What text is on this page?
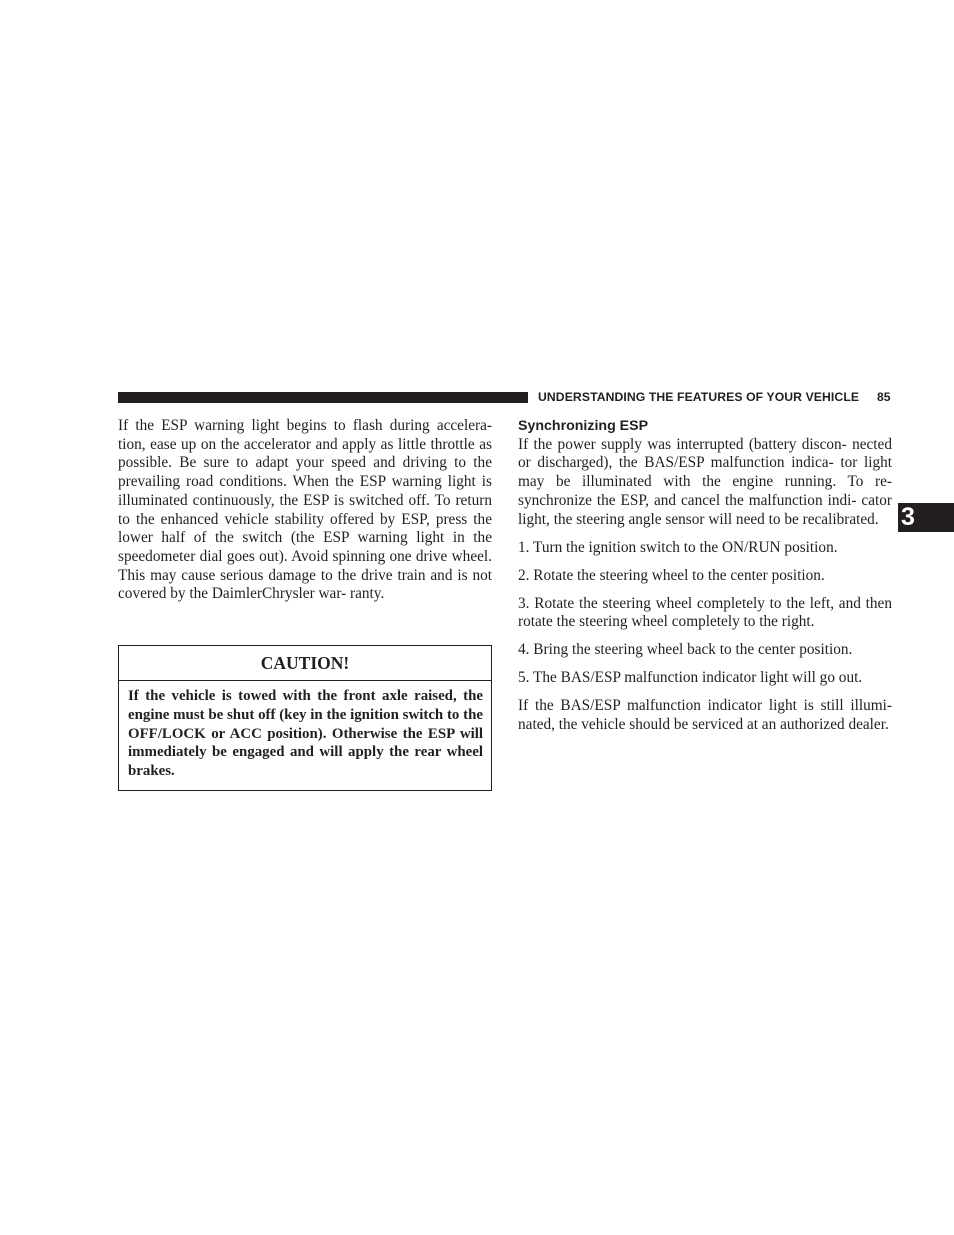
UNDERSTANDING THE FEATURES OF YOUR VEHICLE 85
3

If the ESP warning light begins to flash during accelera- tion, ease up on the accelerator and apply as little throttle as possible. Be sure to adapt your speed and driving to the prevailing road conditions. When the ESP warning light is illuminated continuously, the ESP is switched off. To return to the enhanced vehicle stability offered by ESP, press the lower half of the switch (the ESP warning light in the speedometer dial goes out). Avoid spinning one drive wheel. This may cause serious damage to the drive train and is not covered by the DaimlerChrysler war- ranty.

CAUTION!

If the vehicle is towed with the front axle raised, the engine must be shut off (key in the ignition switch to the OFF/LOCK or ACC position). Otherwise the ESP will immediately be engaged and will apply the rear wheel brakes.

Synchronizing ESP

If the power supply was interrupted (battery discon- nected or discharged), the BAS/ESP malfunction indica- tor light may be illuminated with the engine running. To re-synchronize the ESP, and cancel the malfunction indi- cator light, the steering angle sensor will need to be recalibrated.

1. Turn the ignition switch to the ON/RUN position.

2. Rotate the steering wheel to the center position.

3. Rotate the steering wheel completely to the left, and then rotate the steering wheel completely to the right.

4. Bring the steering wheel back to the center position.

5. The BAS/ESP malfunction indicator light will go out.

If the BAS/ESP malfunction indicator light is still illumi- nated, the vehicle should be serviced at an authorized dealer.
